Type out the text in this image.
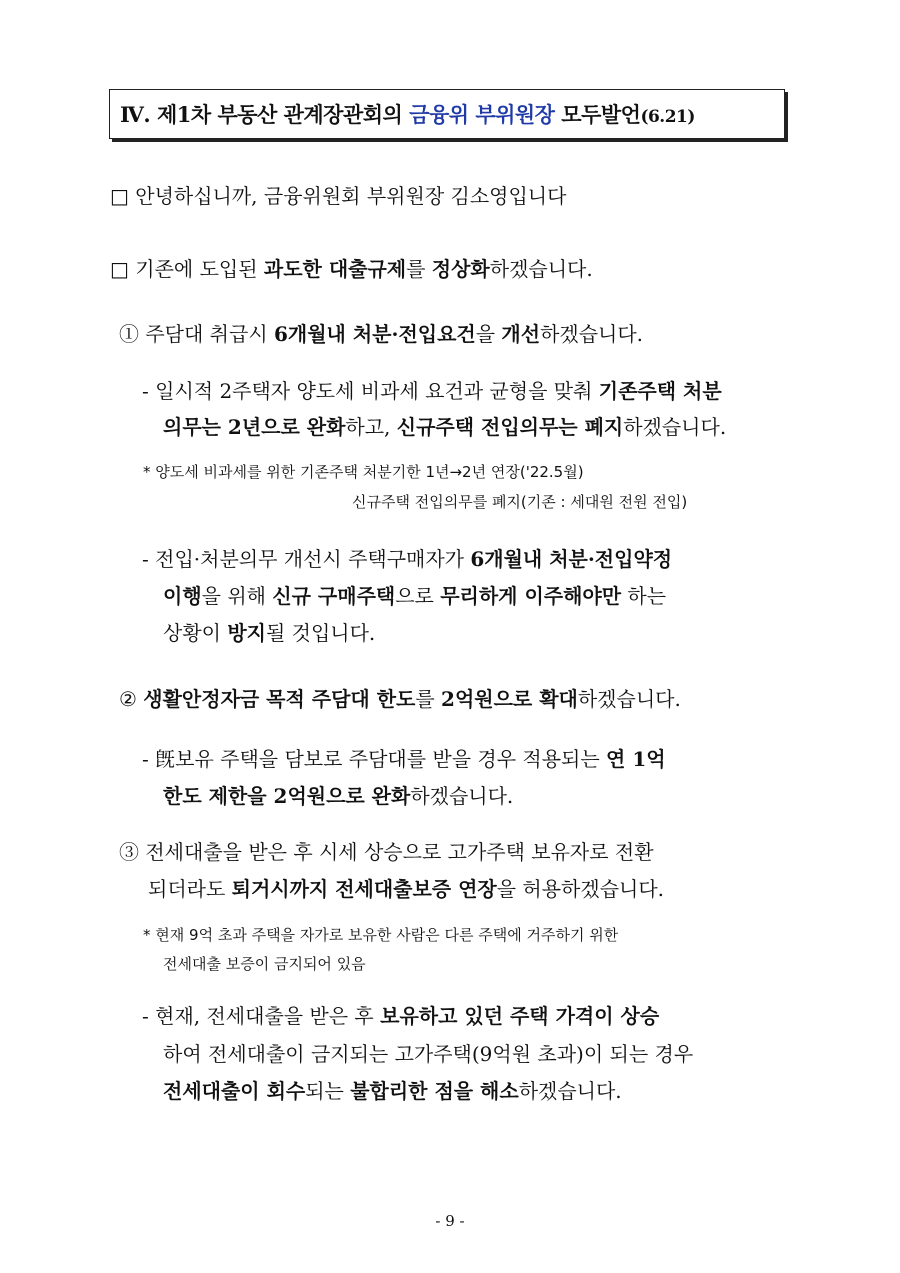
Ⅳ. 제1차 부동산 관계장관회의 금융위 부위원장 모두발언(6.21)
□ 안녕하십니까, 금융위원회 부위원장 김소영입니다
□ 기존에 도입된 과도한 대출규제를 정상화하겠습니다.
① 주담대 취급시 6개월내 처분·전입요건을 개선하겠습니다.
- 일시적 2주택자 양도세 비과세 요건과 균형을 맞춰 기존주택 처분
의무는 2년으로 완화하고, 신규주택 전입의무는 폐지하겠습니다.
* 양도세 비과세를 위한 기존주택 처분기한 1년→2년 연장('22.5월)
신규주택 전입의무를 폐지(기존 : 세대원 전원 전입)
- 전입·처분의무 개선시 주택구매자가 6개월내 처분·전입약정
이행을 위해 신규 구매주택으로 무리하게 이주해야만 하는
상황이 방지될 것입니다.
② 생활안정자금 목적 주담대 한도를 2억원으로 확대하겠습니다.
- 旣보유 주택을 담보로 주담대를 받을 경우 적용되는 연 1억
한도 제한을 2억원으로 완화하겠습니다.
③ 전세대출을 받은 후 시세 상승으로 고가주택 보유자로 전환
되더라도 퇴거시까지 전세대출보증 연장을 허용하겠습니다.
* 현재 9억 초과 주택을 자가로 보유한 사람은 다른 주택에 거주하기 위한
전세대출 보증이 금지되어 있음
- 현재, 전세대출을 받은 후 보유하고 있던 주택 가격이 상승
하여 전세대출이 금지되는 고가주택(9억원 초과)이 되는 경우
전세대출이 회수되는 불합리한 점을 해소하겠습니다.
- 9 -
